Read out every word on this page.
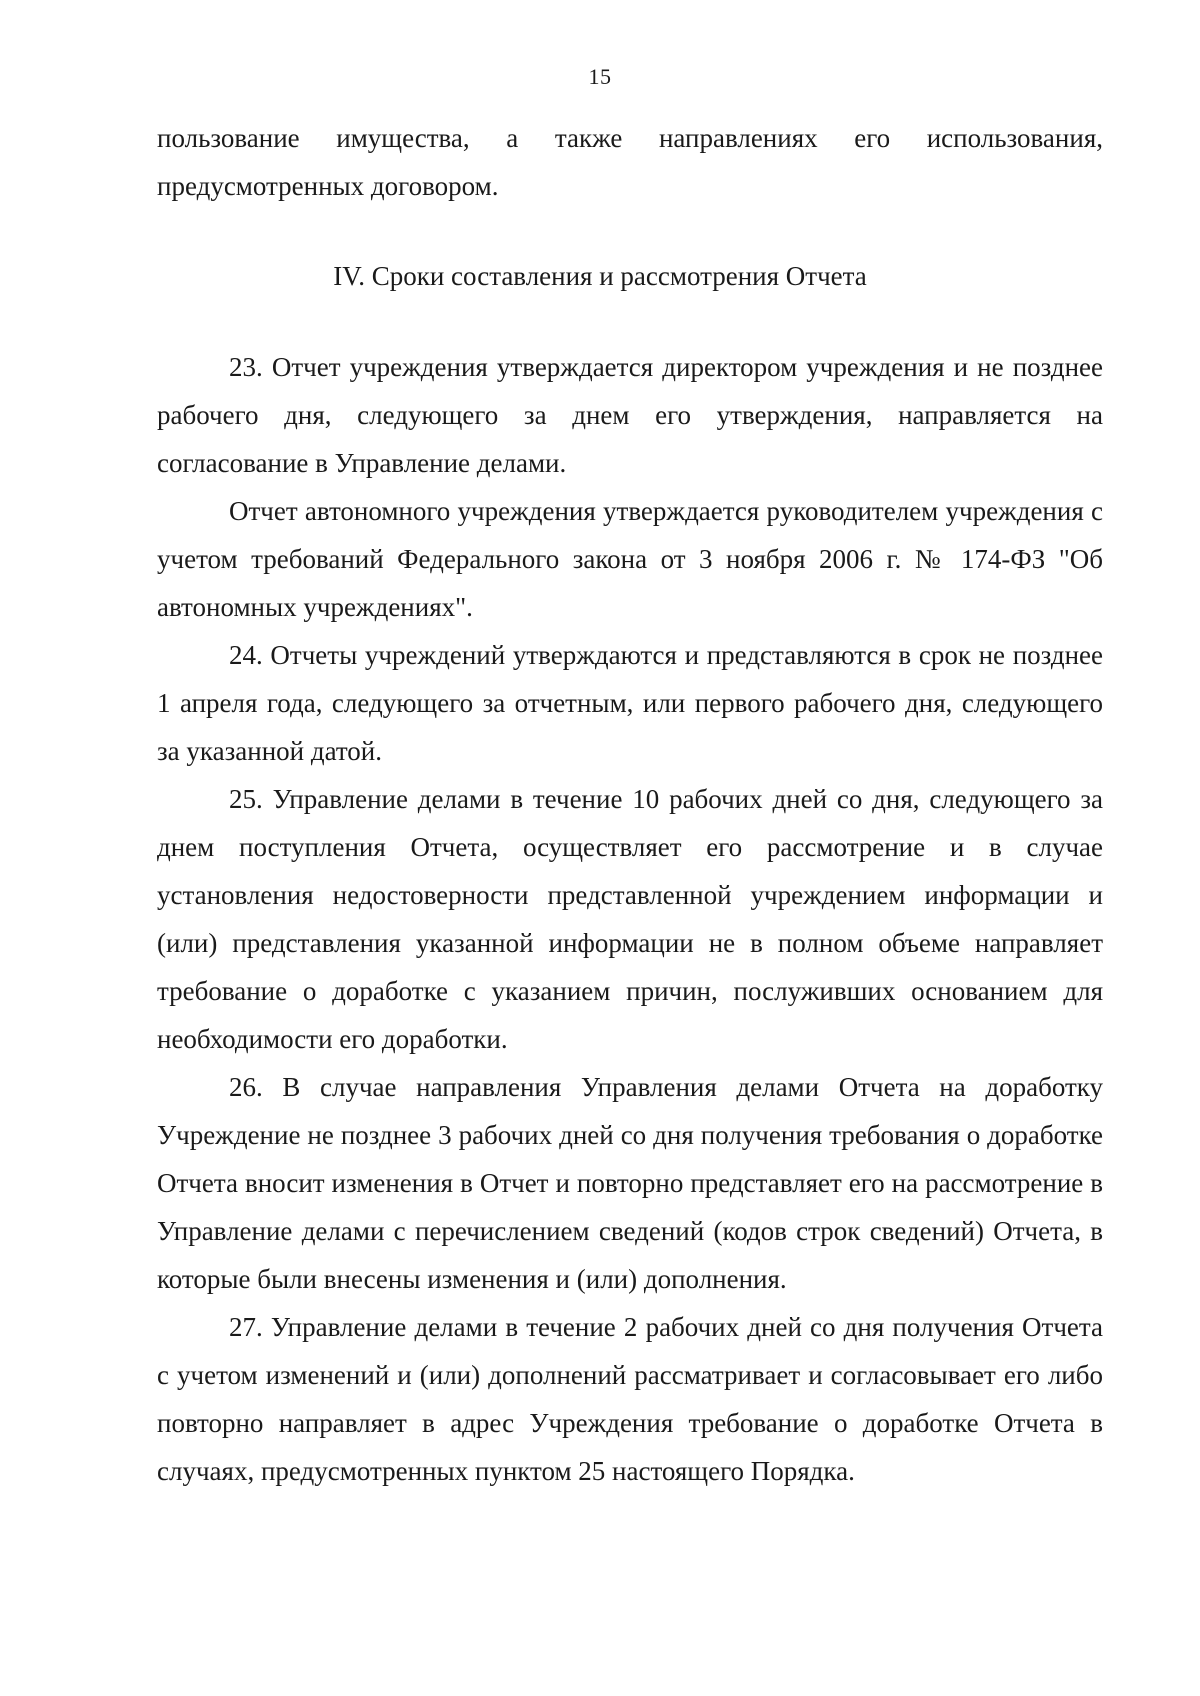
15

пользование имущества, а также направлениях его использования, предусмотренных договором.

IV. Сроки составления и рассмотрения Отчета

23. Отчет учреждения утверждается директором учреждения и не позднее рабочего дня, следующего за днем его утверждения, направляется на согласование в Управление делами.

Отчет автономного учреждения утверждается руководителем учреждения с учетом требований Федерального закона от 3 ноября 2006 г. № 174-ФЗ "Об автономных учреждениях".

24. Отчеты учреждений утверждаются и представляются в срок не позднее 1 апреля года, следующего за отчетным, или первого рабочего дня, следующего за указанной датой.

25. Управление делами в течение 10 рабочих дней со дня, следующего за днем поступления Отчета, осуществляет его рассмотрение и в случае установления недостоверности представленной учреждением информации и (или) представления указанной информации не в полном объеме направляет требование о доработке с указанием причин, послуживших основанием для необходимости его доработки.

26. В случае направления Управления делами Отчета на доработку Учреждение не позднее 3 рабочих дней со дня получения требования о доработке Отчета вносит изменения в Отчет и повторно представляет его на рассмотрение в Управление делами с перечислением сведений (кодов строк сведений) Отчета, в которые были внесены изменения и (или) дополнения.

27. Управление делами в течение 2 рабочих дней со дня получения Отчета с учетом изменений и (или) дополнений рассматривает и согласовывает его либо повторно направляет в адрес Учреждения требование о доработке Отчета в случаях, предусмотренных пунктом 25 настоящего Порядка.
